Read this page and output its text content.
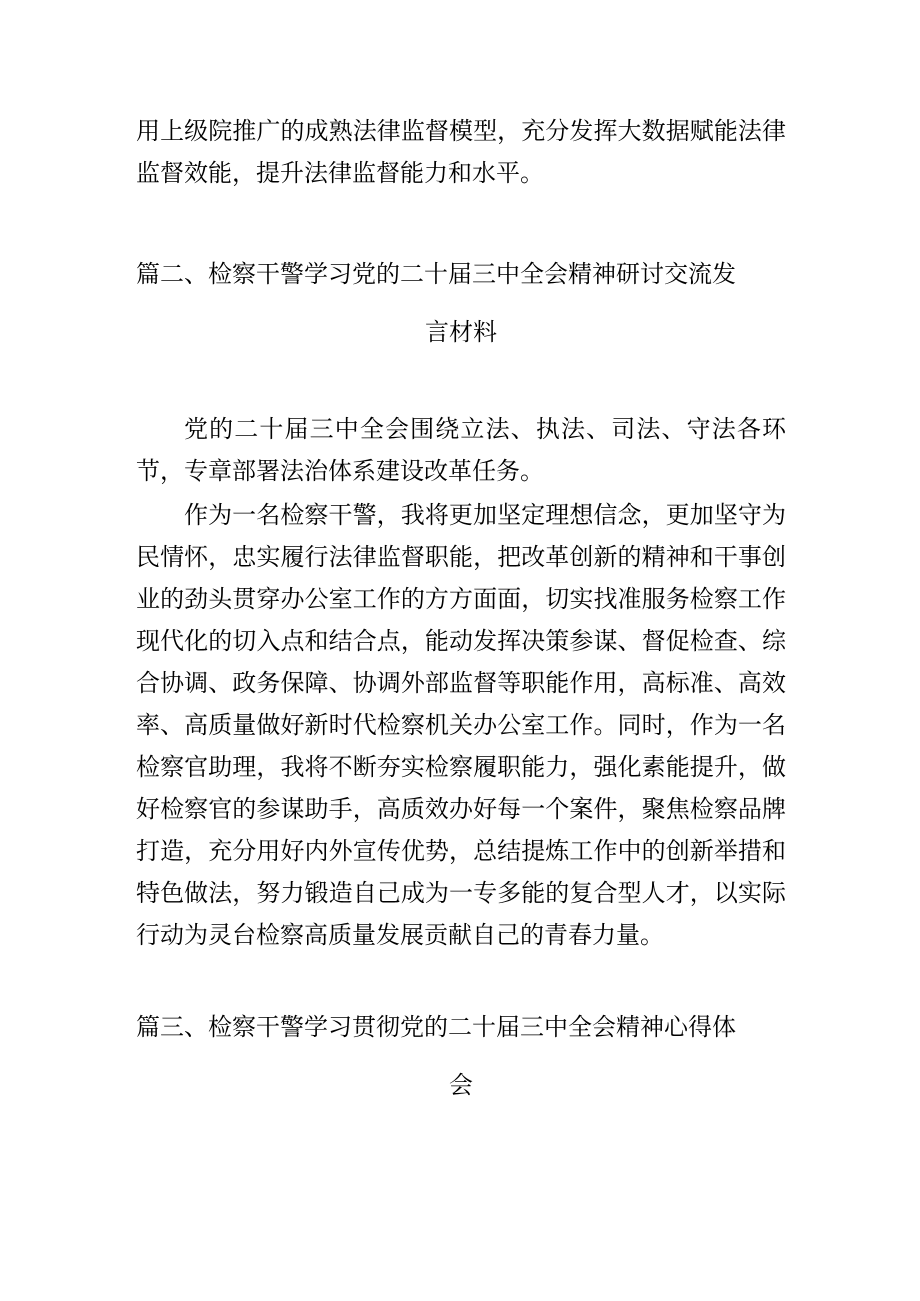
用上级院推广的成熟法律监督模型，充分发挥大数据赋能法律监督效能，提升法律监督能力和水平。

篇二、检察干警学习党的二十届三中全会精神研讨交流发

言材料

党的二十届三中全会围绕立法、执法、司法、守法各环节，专章部署法治体系建设改革任务。

作为一名检察干警，我将更加坚定理想信念，更加坚守为民情怀，忠实履行法律监督职能，把改革创新的精神和干事创业的劲头贯穿办公室工作的方方面面，切实找准服务检察工作现代化的切入点和结合点，能动发挥决策参谋、督促检查、综合协调、政务保障、协调外部监督等职能作用，高标准、高效率、高质量做好新时代检察机关办公室工作。同时，作为一名检察官助理，我将不断夯实检察履职能力，强化素能提升，做好检察官的参谋助手，高质效办好每一个案件，聚焦检察品牌打造，充分用好内外宣传优势，总结提炼工作中的创新举措和特色做法，努力锻造自己成为一专多能的复合型人才，以实际行动为灵台检察高质量发展贡献自己的青春力量。

篇三、检察干警学习贯彻党的二十届三中全会精神心得体

会
